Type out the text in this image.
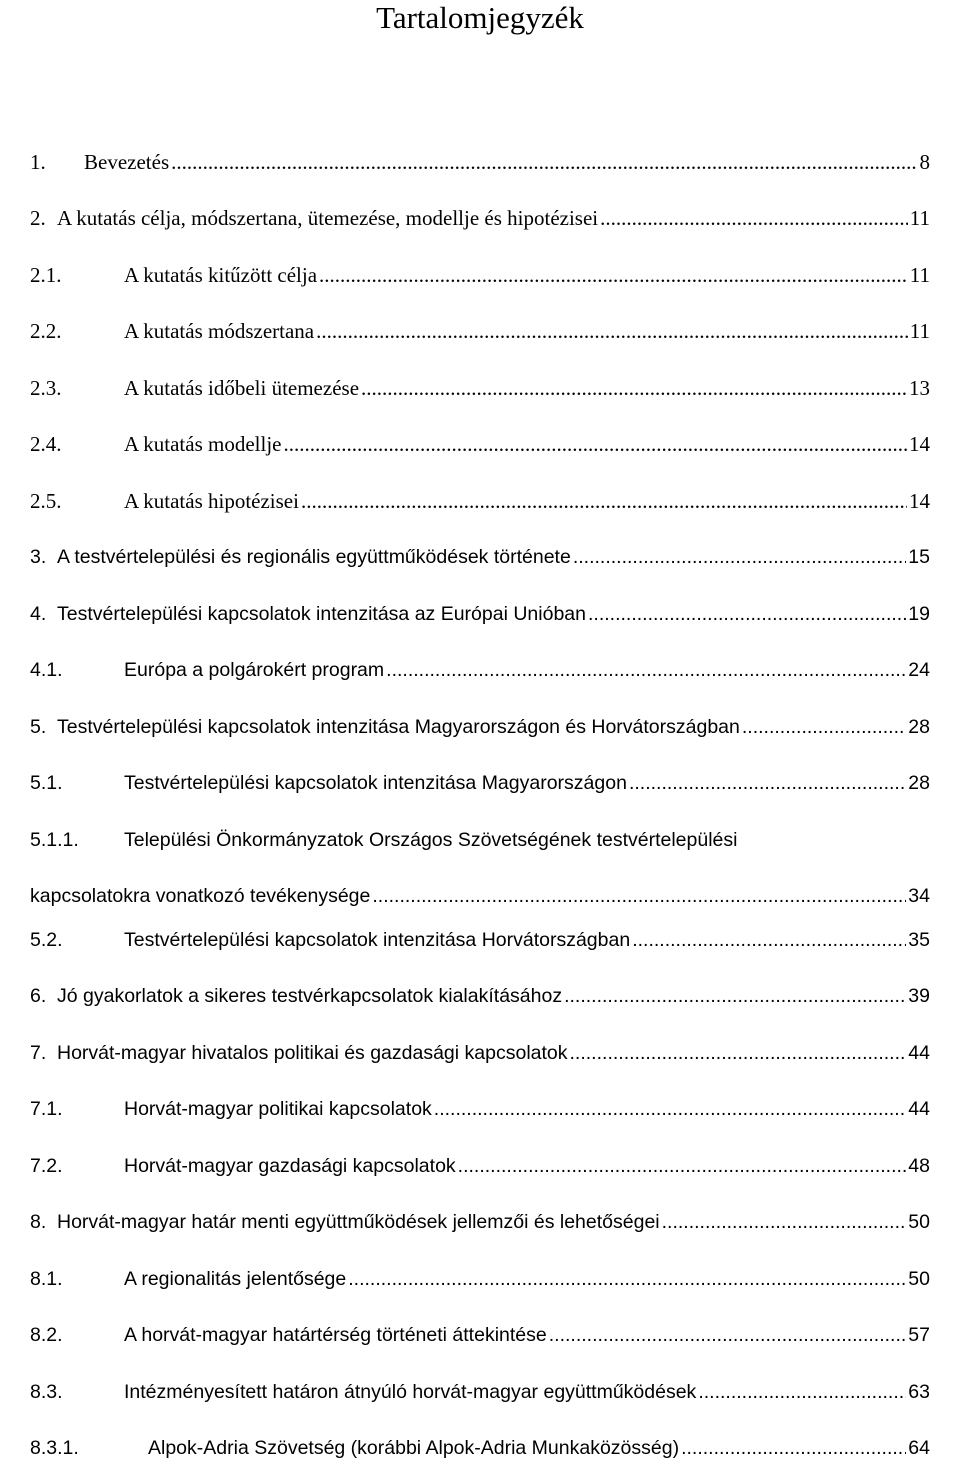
Tartalomjegyzék
1. Bevezetés .....	8
2. A kutatás célja, módszertana, ütemezése, modellje és hipotézisei .....	11
2.1.	A kutatás kitűzött célja .....	11
2.2.	A kutatás módszertana .....	11
2.3.	A kutatás időbeli ütemezése .....	13
2.4.	A kutatás modellje .....	14
2.5.	A kutatás hipotézisei .....	14
3. A testvértelepülési és regionális együttműködések története .....	15
4. Testvértelepülési kapcsolatok intenzitása az Európai Unióban .....	19
4.1.	Európa a polgárokért program .....	24
5. Testvértelepülési kapcsolatok intenzitása Magyarországon és Horvátországban .....	28
5.1.	Testvértelepülési kapcsolatok intenzitása Magyarországon .....	28
5.1.1. Települési Önkormányzatok Országos Szövetségének testvértelepülési
kapcsolatokra vonatkozó tevékenysége .....	34
5.2.	Testvértelepülési kapcsolatok intenzitása Horvátországban .....	35
6. Jó gyakorlatok a sikeres testvérkapcsolatok kialakításához .....	39
7. Horvát-magyar hivatalos politikai és gazdasági kapcsolatok .....	44
7.1.	Horvát-magyar politikai kapcsolatok .....	44
7.2.	Horvát-magyar gazdasági kapcsolatok .....	48
8. Horvát-magyar határ menti együttműködések jellemzői és lehetőségei .....	50
8.1.	A regionalitás jelentősége .....	50
8.2.	A horvát-magyar határtérség történeti áttekintése .....	57
8.3.	Intézményesített határon átnyúló horvát-magyar együttműködések .....	63
8.3.1.	Alpok-Adria Szövetség (korábbi Alpok-Adria Munkaközösség) .....	64
